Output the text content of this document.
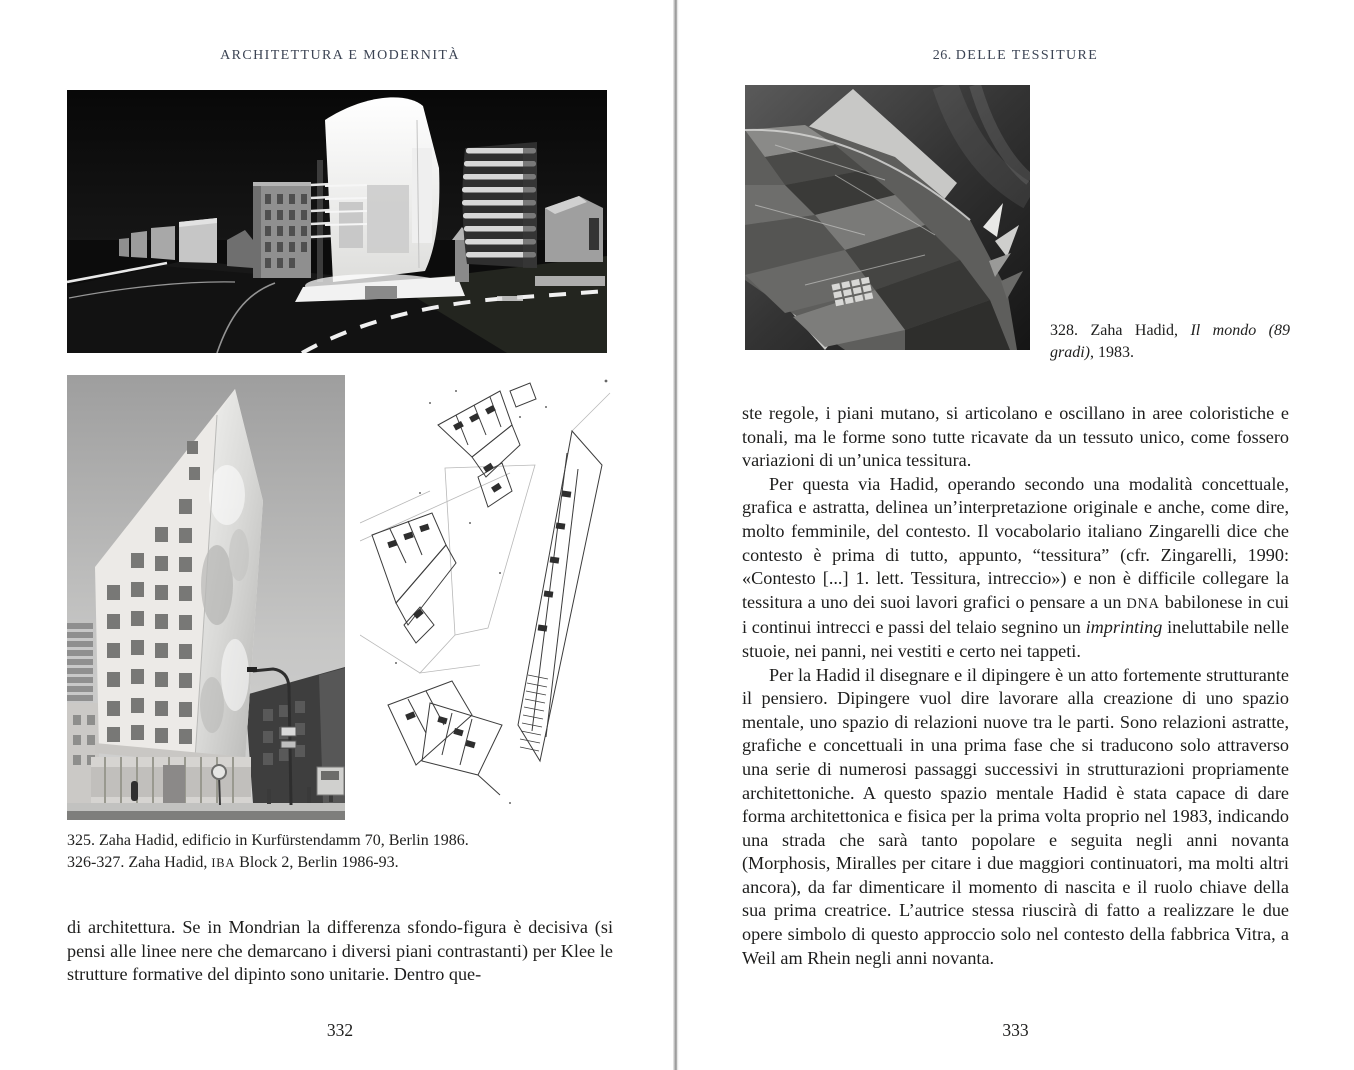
ARCHITETTURA E MODERNITÀ
325. Zaha Hadid, edificio in Kurfürstendamm 70, Berlin 1986.
326-327. Zaha Hadid, IBA Block 2, Berlin 1986-93.

di architettura. Se in Mondrian la differenza sfondo-figura è decisiva (si pensi alle linee nere che demarcano i diversi piani contrastanti) per Klee le strutture formative del dipinto sono unitarie. Dentro que-

332
26. DELLE TESSITURE
328. Zaha Hadid, Il mondo (89 gradi), 1983.

ste regole, i piani mutano, si articolano e oscillano in aree coloristiche e tonali, ma le forme sono tutte ricavate da un tessuto unico, come fossero variazioni di un’unica tessitura.

Per questa via Hadid, operando secondo una modalità concettuale, grafica e astratta, delinea un’interpretazione originale e anche, come dire, molto femminile, del contesto. Il vocabolario italiano Zingarelli dice che contesto è prima di tutto, appunto, “tessitura” (cfr. Zingarelli, 1990: «Contesto [...] 1. lett. Tessitura, intreccio») e non è difficile collegare la tessitura a uno dei suoi lavori grafici o pensare a un DNA babilonese in cui i continui intrecci e passi del telaio segnino un imprinting ineluttabile nelle stuoie, nei panni, nei vestiti e certo nei tappeti.

Per la Hadid il disegnare e il dipingere è un atto fortemente strutturante il pensiero. Dipingere vuol dire lavorare alla creazione di uno spazio mentale, uno spazio di relazioni nuove tra le parti. Sono relazioni astratte, grafiche e concettuali in una prima fase che si traducono solo attraverso una serie di numerosi passaggi successivi in strutturazioni propriamente architettoniche. A questo spazio mentale Hadid è stata capace di dare forma architettonica e fisica per la prima volta proprio nel 1983, indicando una strada che sarà tanto popolare e seguita negli anni novanta (Morphosis, Miralles per citare i due maggiori continuatori, ma molti altri ancora), da far dimenticare il momento di nascita e il ruolo chiave della sua prima creatrice. L’autrice stessa riuscirà di fatto a realizzare le due opere simbolo di questo approccio solo nel contesto della fabbrica Vitra, a Weil am Rhein negli anni novanta.

333
